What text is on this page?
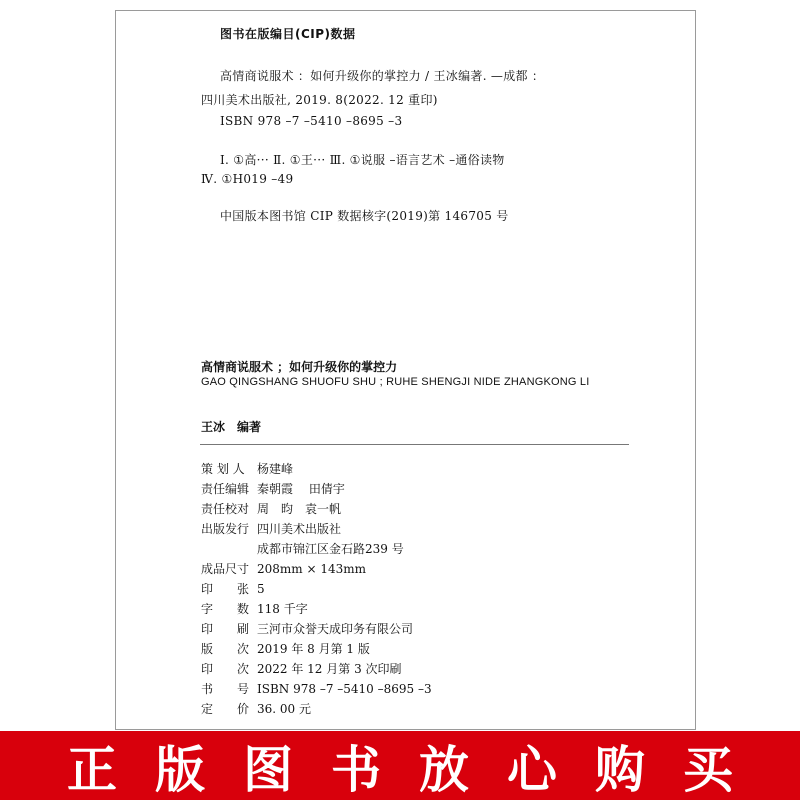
图书在版编目(CIP)数据
高情商说服术 ：如何升级你的掌控力 / 王冰编著. —成都 ：
四川美术出版社, 2019. 8(2022. 12 重印)
ISBN 978 –7 –5410 –8695 –3
Ⅰ. ①高··· Ⅱ. ①王··· Ⅲ. ①说服 –语言艺术 –通俗读物
Ⅳ. ①H019 –49
中国版本图书馆 CIP 数据核字(2019)第 146705 号
高情商说服术 ；如何升级你的掌控力
GAO QINGSHANG SHUOFU SHU ; RUHE SHENGJI NIDE ZHANGKONG LI
王冰　编著
策 划 人 杨建峰
责任编辑 秦朝霞　 田倩宇
责任校对 周　昀　袁一帆
出版发行 四川美术出版社
成都市锦江区金石路239 号
成品尺寸 208mm × 143mm
印　　张 5
字　　数 118 千字
印　　刷 三河市众誉天成印务有限公司
版　　次 2019 年 8 月第 1 版
印　　次 2022 年 12 月第 3 次印刷
书　　号 ISBN 978 –7 –5410 –8695 –3
定　　价 36. 00 元
正版图书放心购买
